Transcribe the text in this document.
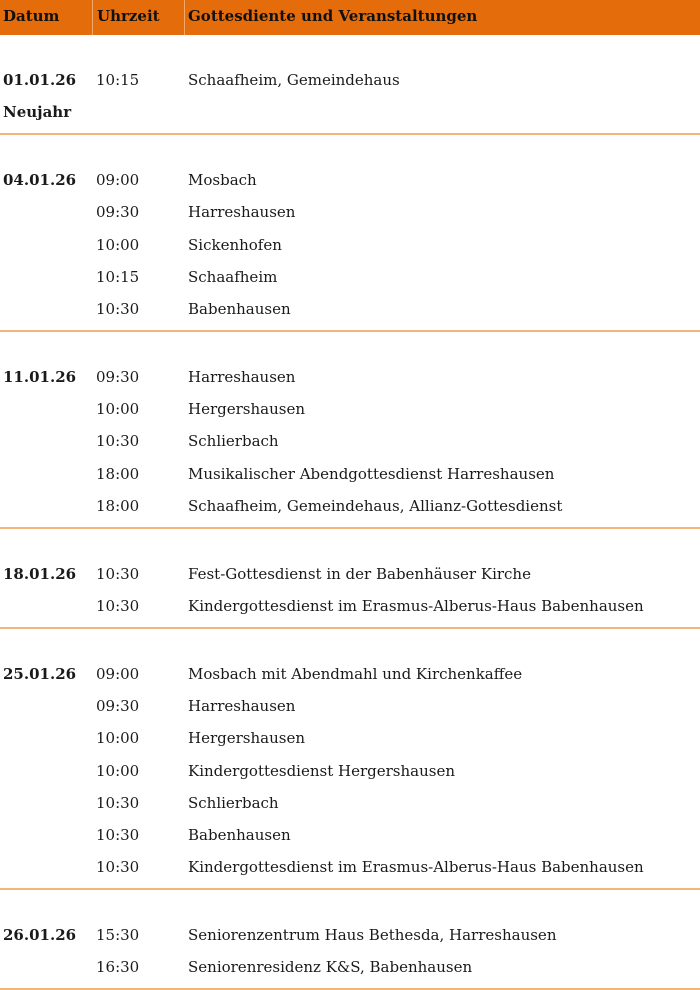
Datum	Uhrzeit	Gottesdiente und Veranstaltungen
01.01.26 10:15	Schaafheim, Gemeindehaus
Neujahr
04.01.26 09:00	Mosbach
09:30	Harreshausen
10:00	Sickenhofen
10:15	Schaafheim
10:30	Babenhausen
11.01.26 09:30	Harreshausen
10:00	Hergershausen
10:30	Schlierbach
18:00	Musikalischer Abendgottesdienst Harreshausen
18:00	Schaafheim, Gemeindehaus, Allianz-Gottesdienst
18.01.26 10:30	Fest-Gottesdienst in der Babenhäuser Kirche
10:30	Kindergottesdienst im Erasmus-Alberus-Haus Babenhausen
25.01.26 09:00	Mosbach mit Abendmahl und Kirchenkaffee
09:30	Harreshausen
10:00	Hergershausen
10:00	Kindergottesdienst Hergershausen
10:30	Schlierbach
10:30	Babenhausen
10:30	Kindergottesdienst im Erasmus-Alberus-Haus Babenhausen
26.01.26 15:30	Seniorenzentrum Haus Bethesda, Harreshausen
16:30	Seniorenresidenz K&S, Babenhausen
